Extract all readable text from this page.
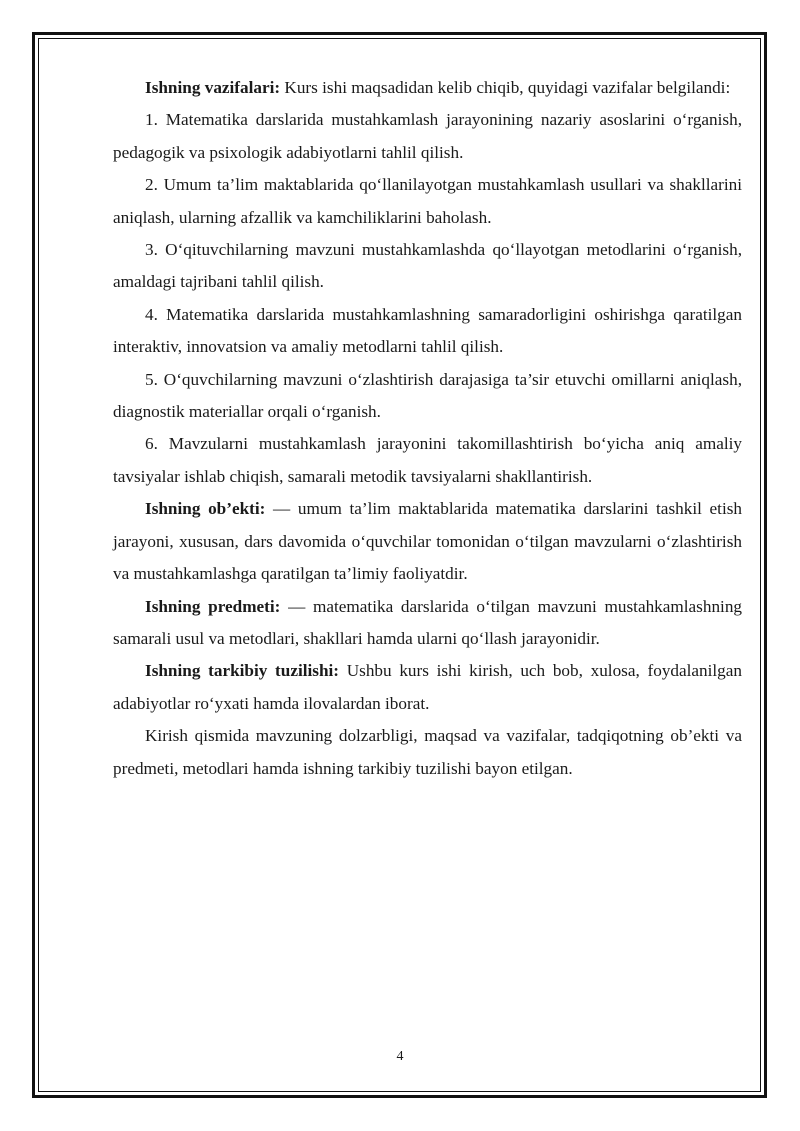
Ishning vazifalari: Kurs ishi maqsadidan kelib chiqib, quyidagi vazifalar belgilandi:

1. Matematika darslarida mustahkamlash jarayonining nazariy asoslarini o‘rganish, pedagogik va psixologik adabiyotlarni tahlil qilish.

2. Umum ta’lim maktablarida qo‘llanilayotgan mustahkamlash usullari va shakllarini aniqlash, ularning afzallik va kamchiliklarini baholash.

3. O‘qituvchilarning mavzuni mustahkamlashda qo‘llayotgan metodlarini o‘rganish, amaldagi tajribani tahlil qilish.

4. Matematika darslarida mustahkamlashning samaradorligini oshirishga qaratilgan interaktiv, innovatsion va amaliy metodlarni tahlil qilish.

5. O‘quvchilarning mavzuni o‘zlashtirish darajasiga ta’sir etuvchi omillarni aniqlash, diagnostik materiallar orqali o‘rganish.

6. Mavzularni mustahkamlash jarayonini takomillashtirish bo‘yicha aniq amaliy tavsiyalar ishlab chiqish, samarali metodik tavsiyalarni shakllantirish.

Ishning ob’ekti: — umum ta’lim maktablarida matematika darslarini tashkil etish jarayoni, xususan, dars davomida o‘quvchilar tomonidan o‘tilgan mavzularni o‘zlashtirish va mustahkamlashga qaratilgan ta’limiy faoliyatdir.

Ishning predmeti: — matematika darslarida o‘tilgan mavzuni mustahkamlashning samarali usul va metodlari, shakllari hamda ularni qo‘llash jarayonidir.

Ishning tarkibiy tuzilishi: Ushbu kurs ishi kirish, uch bob, xulosa, foydalanilgan adabiyotlar ro‘yxati hamda ilovalardan iborat.

Kirish qismida mavzuning dolzarbligi, maqsad va vazifalar, tadqiqotning ob’ekti va predmeti, metodlari hamda ishning tarkibiy tuzilishi bayon etilgan.

4
